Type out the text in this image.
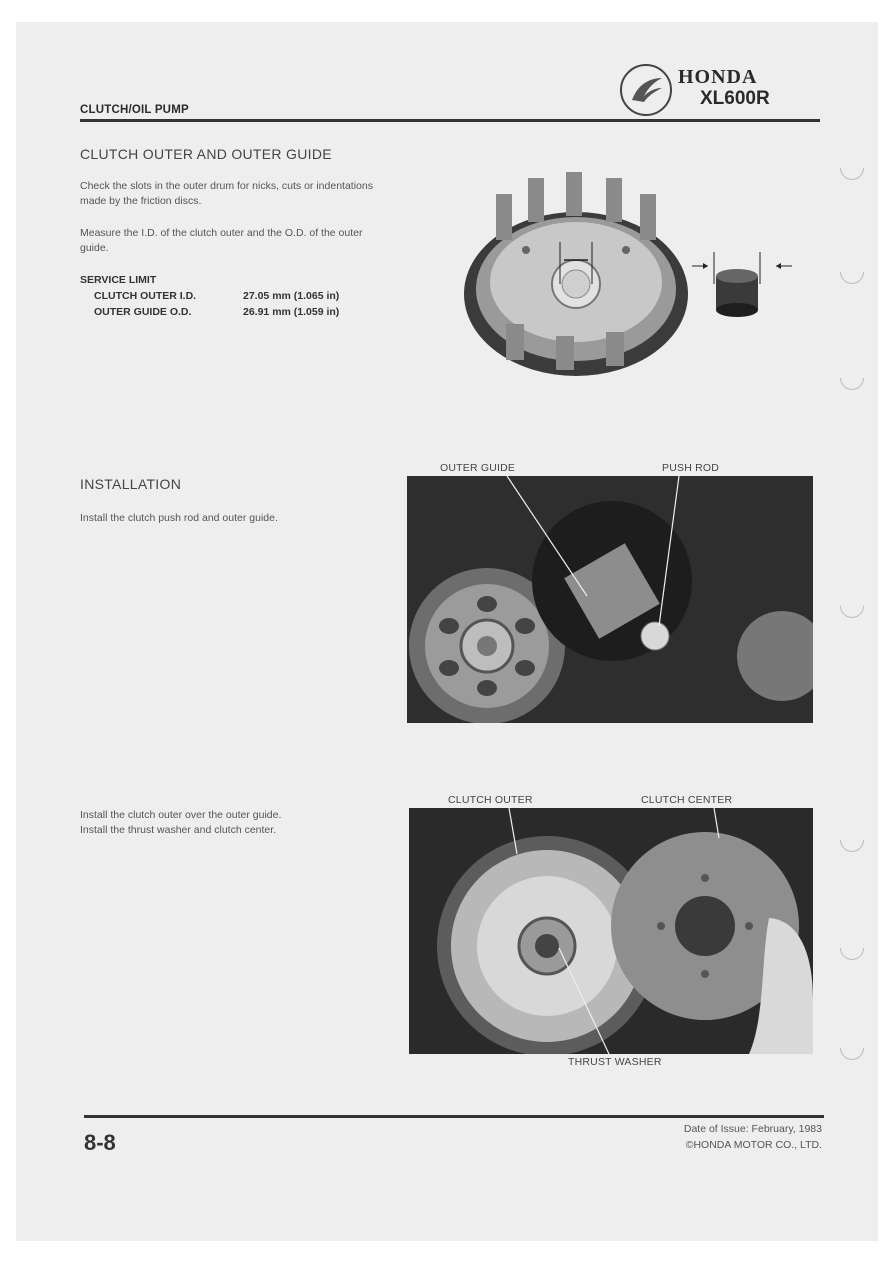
CLUTCH/OIL PUMP
HONDA
XL600R
CLUTCH OUTER AND OUTER GUIDE
Check the slots in the outer drum for nicks, cuts or indentations made by the friction discs.
Measure the I.D. of the clutch outer and the O.D. of the outer guide.
SERVICE LIMIT
CLUTCH OUTER I.D.	27.05 mm (1.065 in)
OUTER GUIDE O.D.	26.91 mm (1.059 in)
INSTALLATION
Install the clutch push rod and outer guide.
OUTER GUIDE	PUSH ROD
Install the clutch outer over the outer guide.
Install the thrust washer and clutch center.
CLUTCH OUTER	CLUTCH CENTER
THRUST WASHER
8-8
Date of Issue: February, 1983
©HONDA MOTOR CO., LTD.
